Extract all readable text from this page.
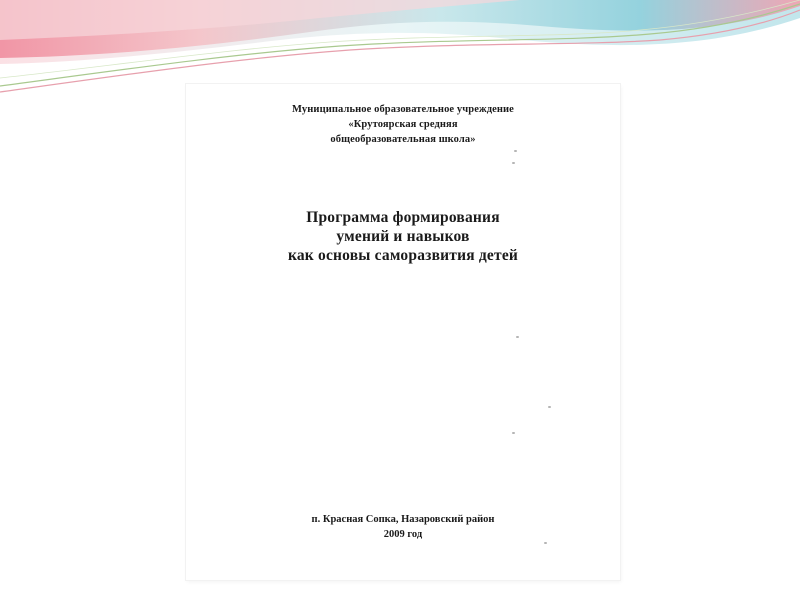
Муниципальное образовательное учреждение
«Крутоярская средняя
общеобразовательная школа»
Программа формирования
умений и навыков
как основы саморазвития детей
п. Красная Сопка, Назаровский район
2009 год
